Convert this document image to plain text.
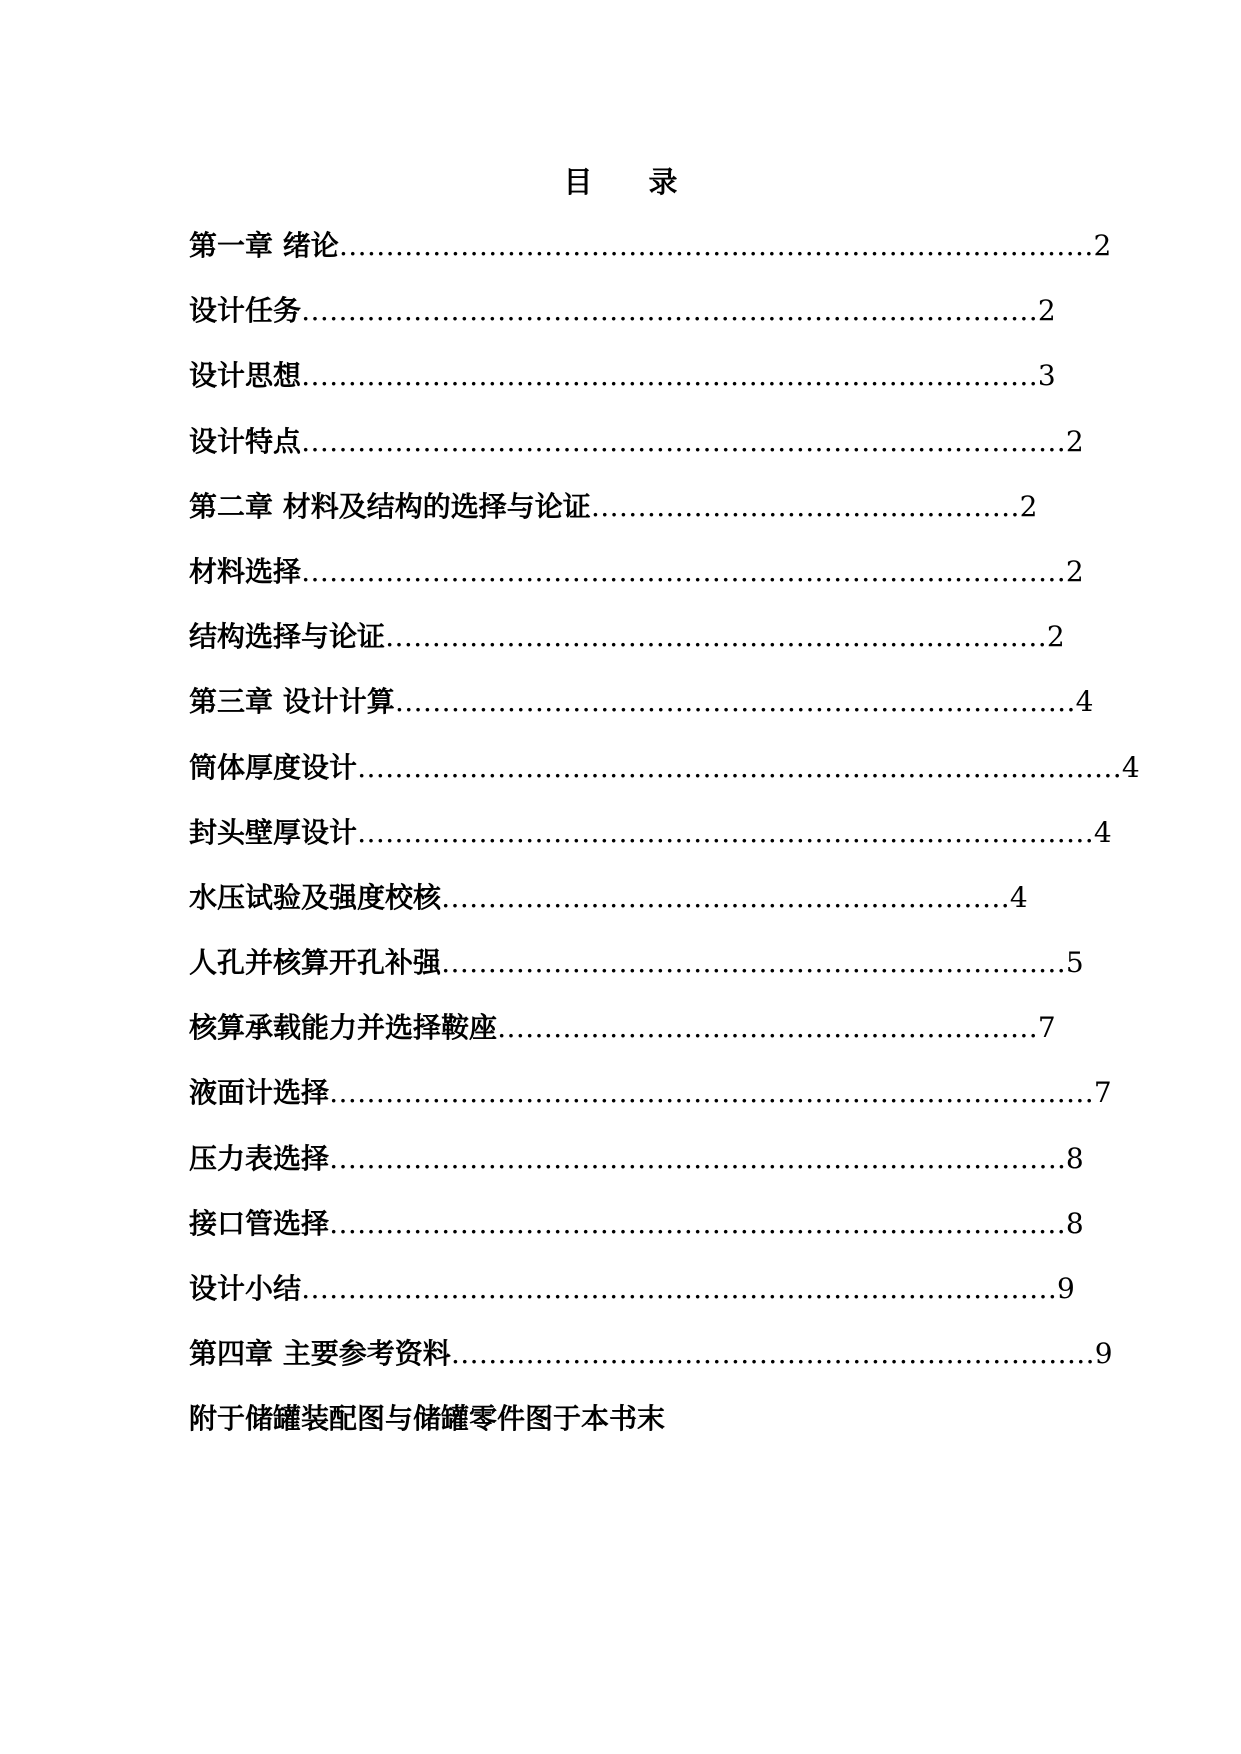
目 录
第一章 绪论……………………………………..…………………….…………2
设计任务………………………………….…………………………………2
设计思想……………………………………….……………………………3
设计特点…………………………………………………………….…………2
第二章 材料及结构的选择与论证…………………………….…………2
材料选择…………………………………………………………….…………2
结构选择与论证…………………………………………………..…………2
第三章 设计计算…………………………………………………….…………4
筒体厚度设计………………………………………………….……………………4
封头壁厚设计…………………………………………………….………………4
水压试验及强度校核…………………………………………….………4
人孔并核算开孔补强……………………………………………………….…5
核算承载能力并选择鞍座………………………………………….………7
液面计选择………………………………………………………………….……7
压力表选择…………………………………………………………………….8
接口管选择………………………………………………………………….…8
设计小结………………………………………………………………………9
第四章 主要参考资料……………………………………………………………9
附于储罐装配图与储罐零件图于本书末
